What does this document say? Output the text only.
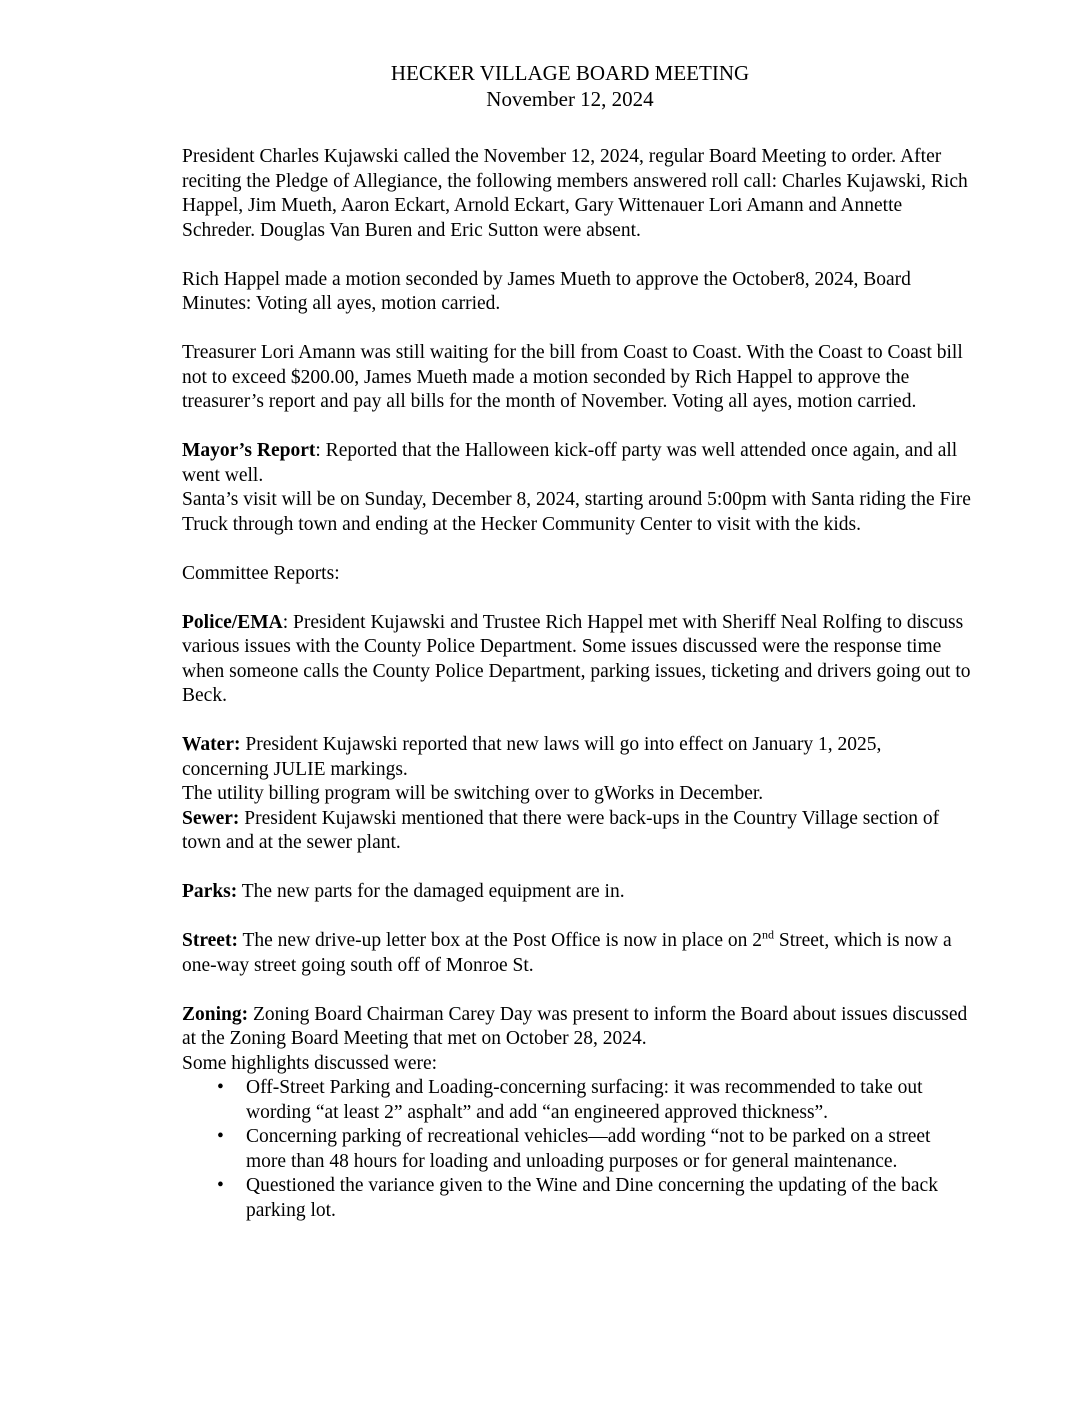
HECKER VILLAGE BOARD MEETING
November 12, 2024

President Charles Kujawski called the November 12, 2024, regular Board Meeting to order. After reciting the Pledge of Allegiance, the following members answered roll call: Charles Kujawski, Rich Happel, Jim Mueth, Aaron Eckart, Arnold Eckart, Gary Wittenauer Lori Amann and Annette Schreder. Douglas Van Buren and Eric Sutton were absent.

Rich Happel made a motion seconded by James Mueth to approve the October8, 2024, Board Minutes: Voting all ayes, motion carried.

Treasurer Lori Amann was still waiting for the bill from Coast to Coast. With the Coast to Coast bill not to exceed $200.00, James Mueth made a motion seconded by Rich Happel to approve the treasurer’s report and pay all bills for the month of November. Voting all ayes, motion carried.

Mayor’s Report: Reported that the Halloween kick-off party was well attended once again, and all went well.
Santa’s visit will be on Sunday, December 8, 2024, starting around 5:00pm with Santa riding the Fire Truck through town and ending at the Hecker Community Center to visit with the kids.

Committee Reports:

Police/EMA: President Kujawski and Trustee Rich Happel met with Sheriff Neal Rolfing to discuss various issues with the County Police Department. Some issues discussed were the response time when someone calls the County Police Department, parking issues, ticketing and drivers going out to Beck.

Water: President Kujawski reported that new laws will go into effect on January 1, 2025, concerning JULIE markings.
The utility billing program will be switching over to gWorks in December.

Sewer: President Kujawski mentioned that there were back-ups in the Country Village section of town and at the sewer plant.

Parks: The new parts for the damaged equipment are in.

Street: The new drive-up letter box at the Post Office is now in place on 2nd Street, which is now a one-way street going south off of Monroe St.

Zoning: Zoning Board Chairman Carey Day was present to inform the Board about issues discussed at the Zoning Board Meeting that met on October 28, 2024.
Some highlights discussed were:

• Off-Street Parking and Loading-concerning surfacing: it was recommended to take out wording “at least 2” asphalt” and add “an engineered approved thickness”.
• Concerning parking of recreational vehicles—add wording “not to be parked on a street more than 48 hours for loading and unloading purposes or for general maintenance.
• Questioned the variance given to the Wine and Dine concerning the updating of the back parking lot.
